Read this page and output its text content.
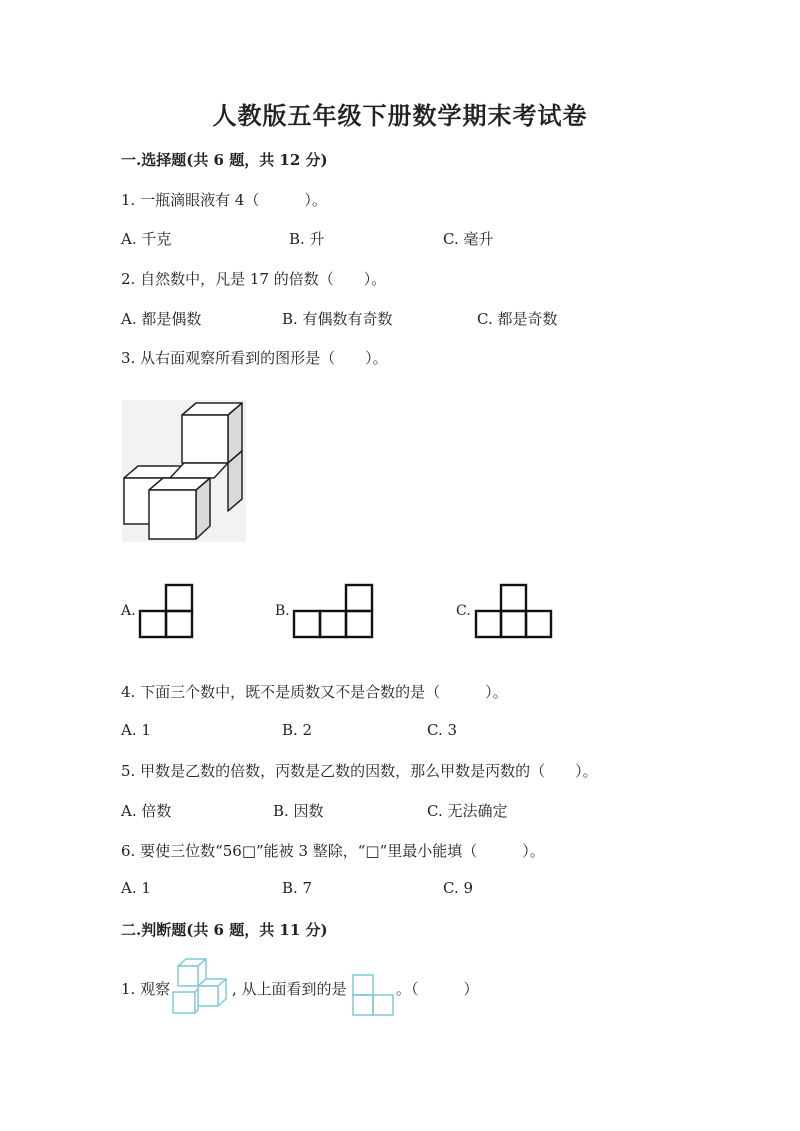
人教版五年级下册数学期末考试卷
一.选择题(共 6 题，共 12 分)
1. 一瓶滴眼液有 4（　　　）。
A. 千克	B. 升	C. 毫升
2. 自然数中，凡是 17 的倍数（　　）。
A. 都是偶数	B. 有偶数有奇数	C. 都是奇数
3. 从右面观察所看到的图形是（　　）。
A.	B.	C.
4. 下面三个数中，既不是质数又不是合数的是（　　　）。
A. 1	B. 2	C. 3
5. 甲数是乙数的倍数，丙数是乙数的因数，那么甲数是丙数的（　　）。
A. 倍数	B. 因数	C. 无法确定
6. 要使三位数“56□”能被 3 整除，“□”里最小能填（　　　）。
A. 1	B. 7	C. 9
二.判断题(共 6 题，共 11 分)
1. 观察	, 从上面看到的是	。（　　　）
